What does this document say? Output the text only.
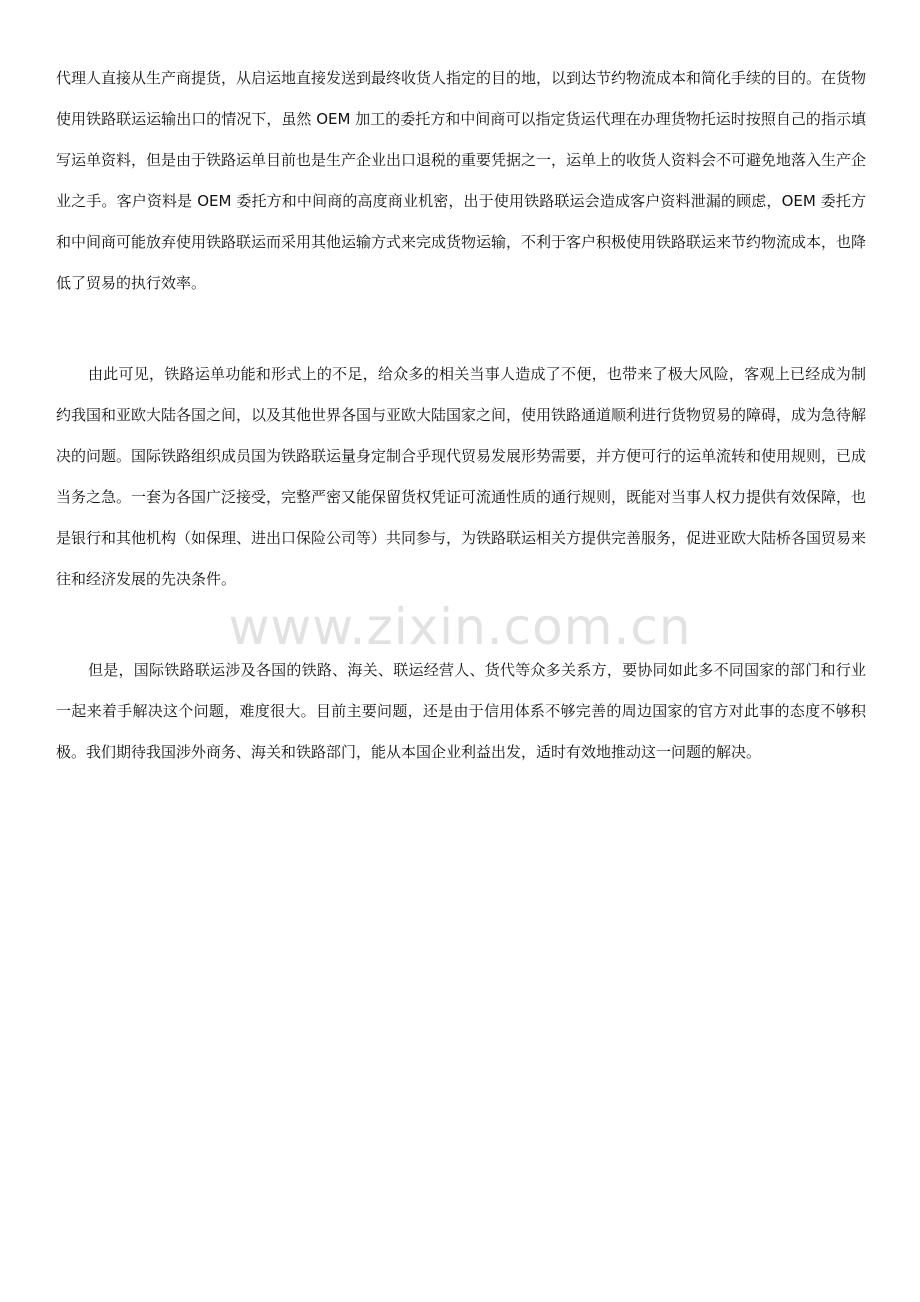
代理人直接从生产商提货，从启运地直接发送到最终收货人指定的目的地，以到达节约物流成本和简化手续的目的。在货物使用铁路联运运输出口的情况下，虽然 OEM 加工的委托方和中间商可以指定货运代理在办理货物托运时按照自己的指示填写运单资料，但是由于铁路运单目前也是生产企业出口退税的重要凭据之一，运单上的收货人资料会不可避免地落入生产企业之手。客户资料是 OEM 委托方和中间商的高度商业机密，出于使用铁路联运会造成客户资料泄漏的顾虑，OEM 委托方和中间商可能放弃使用铁路联运而采用其他运输方式来完成货物运输，不利于客户积极使用铁路联运来节约物流成本，也降低了贸易的执行效率。

由此可见，铁路运单功能和形式上的不足，给众多的相关当事人造成了不便，也带来了极大风险，客观上已经成为制约我国和亚欧大陆各国之间，以及其他世界各国与亚欧大陆国家之间，使用铁路通道顺利进行货物贸易的障碍，成为急待解决的问题。国际铁路组织成员国为铁路联运量身定制合乎现代贸易发展形势需要，并方便可行的运单流转和使用规则，已成当务之急。一套为各国广泛接受，完整严密又能保留货权凭证可流通性质的通行规则，既能对当事人权力提供有效保障，也是银行和其他机构（如保理、进出口保险公司等）共同参与，为铁路联运相关方提供完善服务，促进亚欧大陆桥各国贸易来往和经济发展的先决条件。

但是，国际铁路联运涉及各国的铁路、海关、联运经营人、货代等众多关系方，要协同如此多不同国家的部门和行业一起来着手解决这个问题，难度很大。目前主要问题，还是由于信用体系不够完善的周边国家的官方对此事的态度不够积极。我们期待我国涉外商务、海关和铁路部门，能从本国企业利益出发，适时有效地推动这一问题的解决。

www.zixin.com.cn
